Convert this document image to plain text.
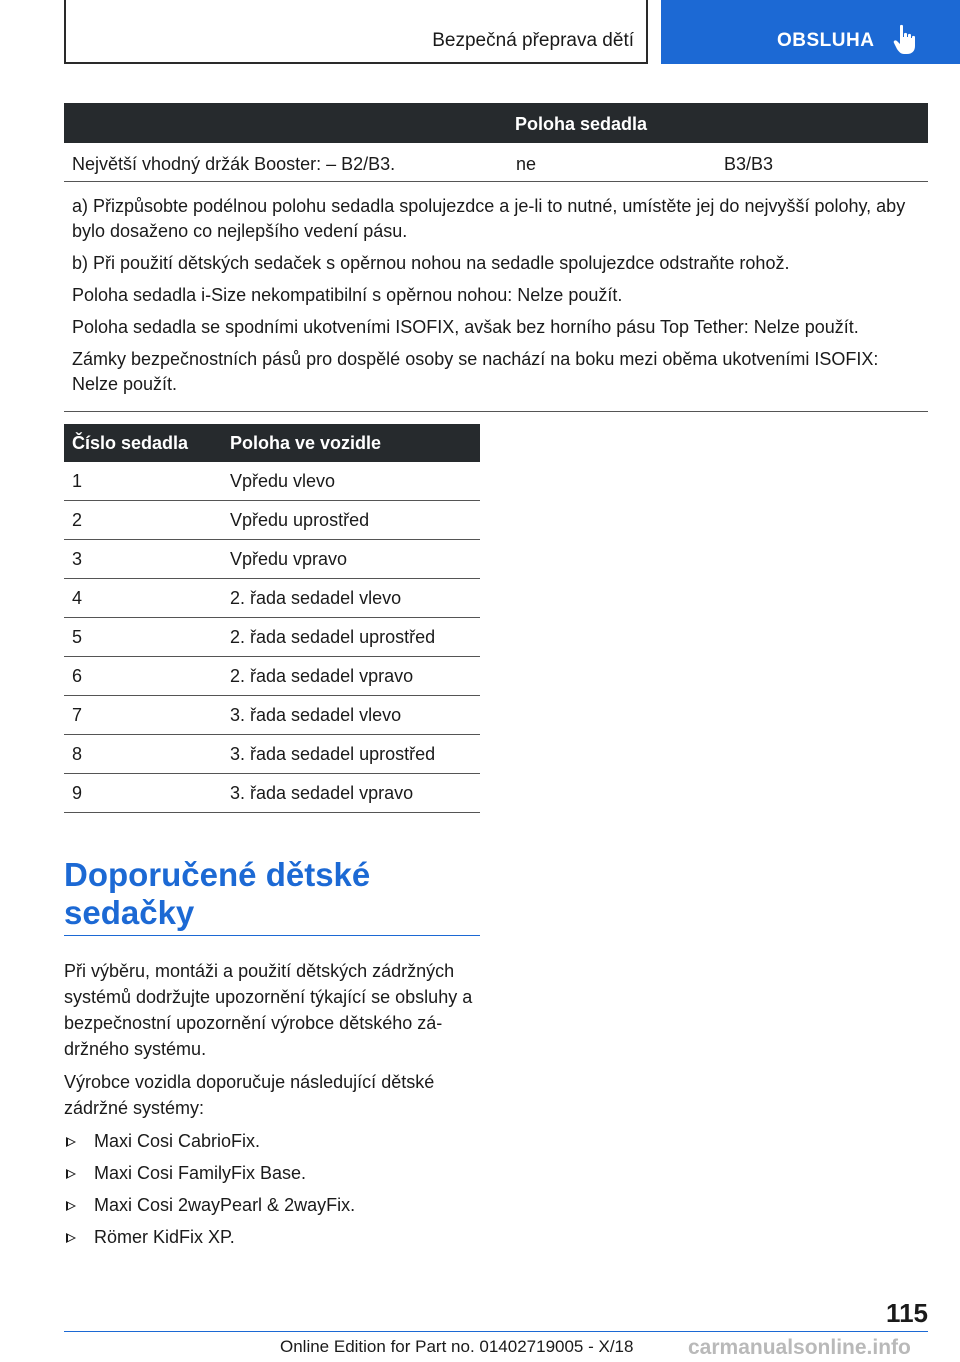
Bezpečná přeprava dětí	OBSLUHA
Poloha sedadla
Největší vhodný držák Booster: – B2/B3.	ne	B3/B3

a) Přizpůsobte podélnou polohu sedadla spolujezdce a je-li to nutné, umístěte jej do nejvyšší polohy, aby bylo dosaženo co nejlepšího vedení pásu.

b) Při použití dětských sedaček s opěrnou nohou na sedadle spolujezdce odstraňte rohož.

Poloha sedadla i-Size nekompatibilní s opěrnou nohou: Nelze použít.

Poloha sedadla se spodními ukotveními ISOFIX, avšak bez horního pásu Top Tether: Nelze použít.

Zámky bezpečnostních pásů pro dospělé osoby se nachází na boku mezi oběma ukotveními ISOFIX: Nelze použít.

Číslo sedadla	Poloha ve vozidle
1	Vpředu vlevo
2	Vpředu uprostřed
3	Vpředu vpravo
4	2. řada sedadel vlevo
5	2. řada sedadel uprostřed
6	2. řada sedadel vpravo
7	3. řada sedadel vlevo
8	3. řada sedadel uprostřed
9	3. řada sedadel vpravo
Doporučené dětské
sedačky

Při výběru, montáži a použití dětských zádržných systémů dodržujte upozornění týkající se obsluhy a bezpečnostní upozornění výrobce dětského zá‐ držného systému.

Výrobce vozidla doporučuje následující dětské zádržné systémy:

Maxi Cosi CabrioFix.
Maxi Cosi FamilyFix Base.
Maxi Cosi 2wayPearl & 2wayFix.
Römer KidFix XP.
115
Online Edition for Part no. 01402719005 - X/18	carmanualsonline.info
